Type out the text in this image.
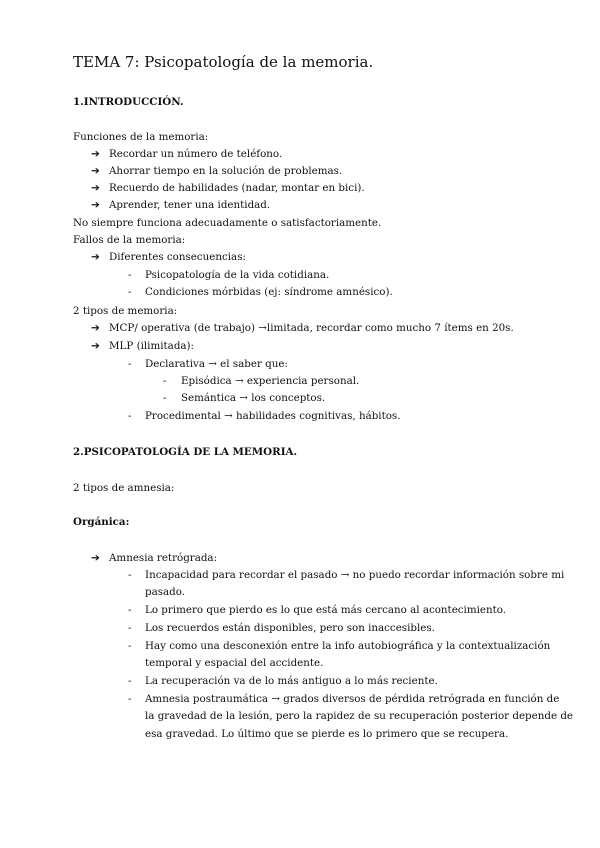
TEMA 7: Psicopatología de la memoria.
1.INTRODUCCIÓN.
Funciones de la memoria:
➔ Recordar un número de teléfono.
➔ Ahorrar tiempo en la solución de problemas.
➔ Recuerdo de habilidades (nadar, montar en bici).
➔ Aprender, tener una identidad.
No siempre funciona adecuadamente o satisfactoriamente.
Fallos de la memoria:
➔ Diferentes consecuencias:
- Psicopatología de la vida cotidiana.
- Condiciones mórbidas (ej: síndrome amnésico).
2 tipos de memoria:
➔ MCP/ operativa (de trabajo) →limitada, recordar como mucho 7 ítems en 20s.
➔ MLP (ilimitada):
- Declarativa → el saber que:
- Episódica → experiencia personal.
- Semántica → los conceptos.
- Procedimental → habilidades cognitivas, hábitos.
2.PSICOPATOLOGÍA DE LA MEMORIA.
2 tipos de amnesia:
Orgánica:
➔ Amnesia retrógrada:
- Incapacidad para recordar el pasado → no puedo recordar información sobre mi
pasado.
- Lo primero que pierdo es lo que está más cercano al acontecimiento.
- Los recuerdos están disponibles, pero son inaccesibles.
- Hay como una desconexión entre la info autobiográfica y la contextualización
temporal y espacial del accidente.
- La recuperación va de lo más antiguo a lo más reciente.
- Amnesia postraumática → grados diversos de pérdida retrógrada en función de
la gravedad de la lesión, pero la rapidez de su recuperación posterior depende de
esa gravedad. Lo último que se pierde es lo primero que se recupera.
